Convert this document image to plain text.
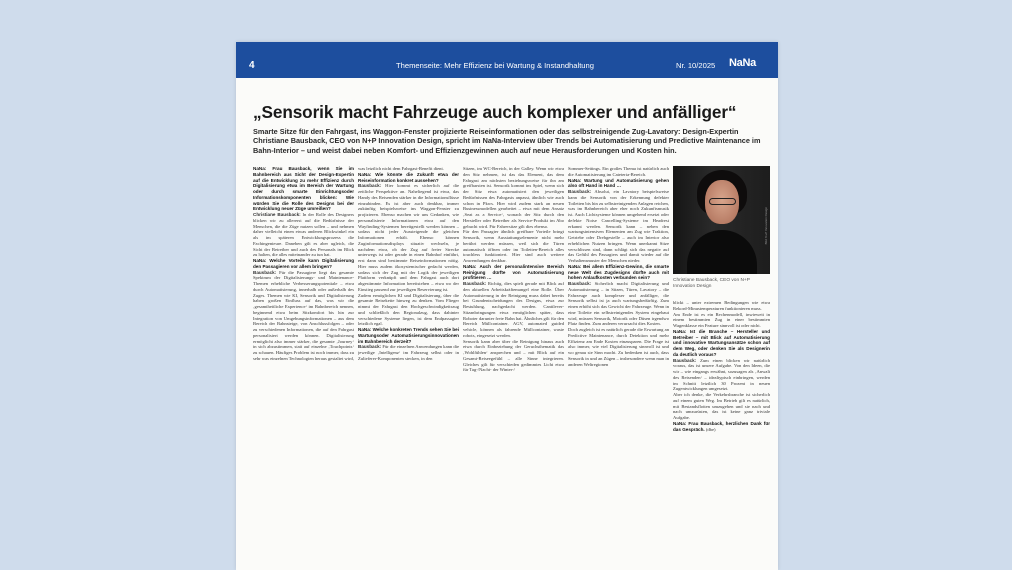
4	Themenseite: Mehr Effizienz bei Wartung & Instandhaltung	Nr. 10/2025 NaNa
„Sensorik macht Fahrzeuge auch komplexer und anfälliger“

Smarte Sitze für den Fahrgast, ins Waggon-Fenster projizierte Reiseinformationen oder das selbstreinigende Zug-Lavatory: Design-Expertin Christiane Bausback, CEO von N+P Innovation Design, spricht im NaNa-Interview über Trends bei Automatisierung und Predictive Maintenance im Bahn-Interior – und weist dabei neben Komfort- und Effizienzgewinnen auch auf neue Herausforderungen und Kosten hin.

NaNa: Frau Bausback, wenn Sie im Bahnbereich aus Sicht der Design-Expertin auf die Entwicklung zu mehr Effizienz durch Digitalisierung etwa im Bereich der Wartung oder durch smarte Einrichtungsoder Informationskomponenten blicken: Wie würden Sie die Rolle des Designs bei der Entwicklung neuer Züge umreißen?
Christiane Bausback: In der Rolle des Designers blicken wir zu allererst auf die Bedürfnisse der Menschen, die die Züge nutzen sollen – und nehmen daher vielleicht einen etwas anderen Blickwinkel ein als im späteren Entwicklungsprozess die Fachingenieure. Daneben gilt es aber ugleich, die Sicht der Betreiber und auch des Personals im Blick zu halten, die alles miteinander zu tun hat.
NaNa: Welche Vorteile kann Digitalisierung den Passagieren vor allem bringen?
Bausback: Für die Passagiere liegt das gesamte Spektrum der Digitalisierungs- und Maintenance-Themen erhebliche Verbesserungspotentiale – etwa durch Automatisierung, innerhalb oder außerhalb des Zuges. Themen wie KI, Sensorik und Digitalisierung haben großen Einfluss auf das, was wir die ‚gesamtheitliche Experience‘ im Bahnbereich nennen, beginnend etwa beim Sitzkomfort bis hin zur Integration von Umgebungsinformationen – aus dem Bereich der Bahnsteige, von Anschlussfolgen – oder zu verschiedenen Informationen, die auf den Fahrgast personalisiert werden können. Digitalisierung ermöglicht also immer stärker, die gesamte ‚Journey‘ in sich abzustimmen, statt auf einzelne ‚Touchpoints‘ zu schauen. Häufiges Problem ist noch immer, dass zu sehr was einzelnen Technologien heraus gestaltet wird,
was letztlich nicht dem Fahrgast-Benefit dient.
NaNa: Wie könnte die Zukunft etwa der Reiseinformation konkret aussehen?
Bausback: Hier kommt es sicherlich auf die zeitliche Perspektive an. Naheliegend ist etwa, das Handy des Reisenden stärker in die Informationsflüsse einzubinden. Es ist aber auch denkbar, immer zukünftig beispielsweise ins Waggon-Fenster zu projizieren. Ebenso machen wir uns Gedanken, wie personalisierte Informationen etwa auf den Wayfinding-Systemen bereitgestellt werden können – sodass nicht jeder Aussteigende die gleichen Informationen erhält. Ebenso können Zuginformationsdisplays situativ wechseln, je nachdem etwa, ob der Zug auf freier Strecke unterwegs ist oder gerade in einen Bahnhof einfährt, erst dann sind bestimmte Reiseinformationen nötig. Hier muss zudem ökosystemischer gedacht werden, sodass sich der Zug mit der Logik der jeweiligen Plattform verknüpft und dem Fahrgast auch dort abgestimmte Information bereitstehen – etwa wo der Einstieg passend zur jeweiligen Reservierung ist.
Zudem ermöglichen KI und Digitalisierung, über die gesamte Reisekette hinweg zu denken. Vom Flieger nimmt der Fahrgast den Hochgeschwindigkeitszug und schließlich den Regionalzug, dass dahinter verschiedene Systeme liegen, ist dem Endpassagier letztlich egal.
NaNa: Welche konkreten Trends sehen Sie bei Wartungsoder Automatisierungsinnovationen im Bahnbereich derzeit?
Bausback: Für die einzelnen Anwendungen kann die jeweilige ‚Intelligenz‘ im Fahrzeug selbst oder in Zulieferer-Komponenten stecken, in den
Sitzen, im WC-Bereich, in der Galley. Wenn wir etwa den Sitz nehmen, ist das das Element, das dem Fahrgast am nächsten beziehungsweise für ihn am greifbarsten ist. Sensorik kommt ins Spiel, wenn sich der Sitz etwa automatisiert den jeweiligen Bedürfnissen des Fahrgasts anpasst, ähnlich wie auch schon in Pkws. Hier wird zudem stark an neuen Businessmodellen gearbeitet – etwa mit dem Ansatz ‚Seat as a Service‘, wonach der Sitz durch den Hersteller oder Betreiber als Service-Produkt im Abo gebucht wird. Für Fahrersitze gilt dies ebenso.
Für den Passagier ähnlich greifbare Vorteile bringt Sensorik, wenn Ausstattungselemente nicht mehr berührt werden müssen, weil sich die Türen automatisch öffnen oder im Toiletten-Bereich alles touchless funktioniert. Hier sind auch weitere Anwendungen denkbar.
NaNa: Auch der personalintensive Bereich Reinigung dürfte von Automatisierung profitieren …
Bausback: Richtig, dies spielt gerade mit Blick auf den aktuellen Arbeitskräftemangel eine Rolle. Über Automatisierung in der Reinigung muss dabei bereits bei Grundentscheidungen des Designs, etwa zur Bestuhlung, nachgedacht werden. Cantilever-Sitzanbringungen etwa ermöglichen später, dass Roboter darunter freie Bahn hat. Ähnliches gilt für den Bereich Müllcontainer. AGV, automated guided vehicle, können als fahrende Müllcontainer, waste robots, eingesetzt werden.
Sensorik kann aber über die Reinigung hinaus auch etwa durch Einbeziehung der Geruchsthematik das ‚Wohlfühlen‘ ansprechen und – mit Blick auf ein Gesamt-Reiseegefühl – alle Sinne integrieren. Gleiches gilt für verschieden gedimmtes Licht etwa für Tag-/Nacht- der Winter-/
Sommer-Settings. Ein großes Thema ist natürlich auch die Automatisierung im Cateteria-Bereich.
NaNa: Wartung und Automatisierung gehen also oft Hand in Hand …
Bausback: Absolut, ein Lavatory beispielsweise kann die Sensorik von der Erkennung defekter Toiletten bis hin zu selbstreinigenden Anlagen reichen, was im Bahnbereich aber eher noch Zukunftsmusik ist. Auch Lichtsysteme können umgehend ersetzt oder defekte Noise Cancelling-Systeme im Headrest erkannt werden. Sensorik kann – neben den wartungsintensiven Elementen am Zug wie Traktion, Getriebe oder Drehgestelle – auch im Interior also erheblichen Nutzen bringen. Wenn unerkannt Sitze verschlissen sind, dann schlägt sich das negativ auf das Gefühl des Passagiers und damit wieder auf die Verhaltensmuster der Menschen nieder.
NaNa: Bei allem Effizienz-Gewinn, die smarte neue Welt des Zugdesigns dürfte auch mit hohen Anlaufkosten verbunden sein?
Bausback: Sicherlich macht Digitalisierung und Automatisierung – in Sitzen, Türen, Lavatory – die Fahrzeuge auch komplexer und anfälliger, die Sensorik selbst ist ja auch wartungsbedürftig. Zum einen erhöht sich das Gewicht der Fahrzeuge. Wenn in eine Toilette ein selbstreinigendes System eingebaut wird, müssen Sensorik, Motorik oder Düsen irgendwo Platz finden. Zum anderen verursacht dies Kosten.
Doch zugleich ist es natürlich gerade die Erwartung an Predictive Maintenance, durch Detektion und mehr Effizienz am Ende Kosten einzusparen. Die Frage ist also immer, wie viel Digitalisierung sinnvoll ist und wo genau sie Sinn macht. Zu bedenken ist auch, dass Sensorik in und an Zügen – insbesondere wenn man in anderen Weltregionen
Bild: N+P Innovation Design

Christiane Bausback, CEO von N+P Innovation Design

blickt – unter extremen Bedingungen wie etwa Rekord-Minustemperaturen funktionieren muss.
Am Ende ist es ein Rechenmodell, inwieweit in einem bestimmten Zug in einer bestimmten Wagenklasse ein Feature sinnvoll ist oder nicht.
NaNa: Ist die Branche – Hersteller und Betreiber – mit Blick auf Automatisierung und innovative Wartungsansätze schon auf dem Weg, oder denken Sie als Designerin da deutlich voraus?
Bausback: Zum einen blicken wir natürlich voraus, das ist unsere Aufgabe. Von den Ideen, die wir – wie eingangs erwähnt, sozusagen als ‚Anwalt des Reisenden‘ – idealtypisch einbringen, werden im Schnitt letztlich 30 Prozent in neuen Zugentwicklungen umgesetzt.
Aber ich denke, die Verkehrsbranche ist sicherlich auf einem guten Weg. Im Betrieb gilt es natürlich, mit Bestandsflotten umzugehen und sie nach und nach umzurüsten, das ist keine ganz triviale Aufgabe.
NaNa: Frau Bausback, herzlichen Dank für das Gespräch. (dbe)
